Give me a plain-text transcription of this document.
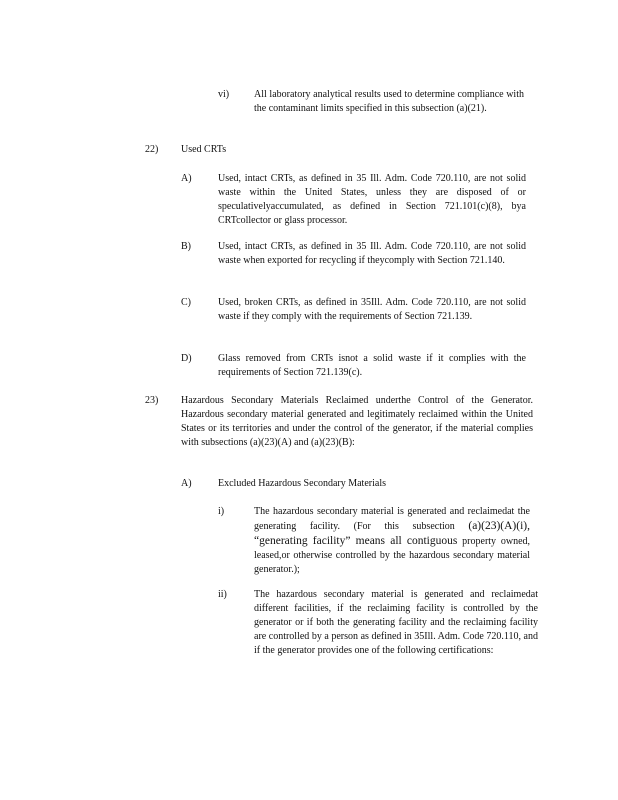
vi) All laboratory analytical results used to determine compliance with the contaminant limits specified in this subsection (a)(21).
22) Used CRTs
A)	Used, intact CRTs, as defined in 35 Ill. Adm. Code 720.110, are not solid waste within the United States, unless they are disposed of or speculativelyaccumulated, as defined in Section 721.101(c)(8), bya CRTcollector or glass processor.
B)	Used, intact CRTs, as defined in 35 Ill. Adm. Code 720.110, are not solid waste when exported for recycling if theycomply with Section 721.140.
C)	Used, broken CRTs, as defined in 35Ill. Adm. Code 720.110, are not solid waste if they comply with the requirements of Section 721.139.
D)	Glass removed from CRTs isnot a solid waste if it complies with the requirements of Section 721.139(c).
23) Hazardous Secondary Materials Reclaimed underthe Control of the Generator. Hazardous secondary material generated and legitimately reclaimed within the United States or its territories and under the control of the generator, if the material complies with subsections (a)(23)(A) and (a)(23)(B):
A)	Excluded Hazardous Secondary Materials
i)	The hazardous secondary material is generated and reclaimedat the generating facility. (For this subsection (a)(23)(A)(i), “generating facility” means all contiguous property owned, leased,or otherwise controlled by the hazardous secondary material generator.);
ii)	The hazardous secondary material is generated and reclaimedat different facilities, if the reclaiming facility is controlled by the generator or if both the generating facility and the reclaiming facility are controlled by a person as defined in 35Ill. Adm. Code 720.110, and if the generator provides one of the following certifications:
